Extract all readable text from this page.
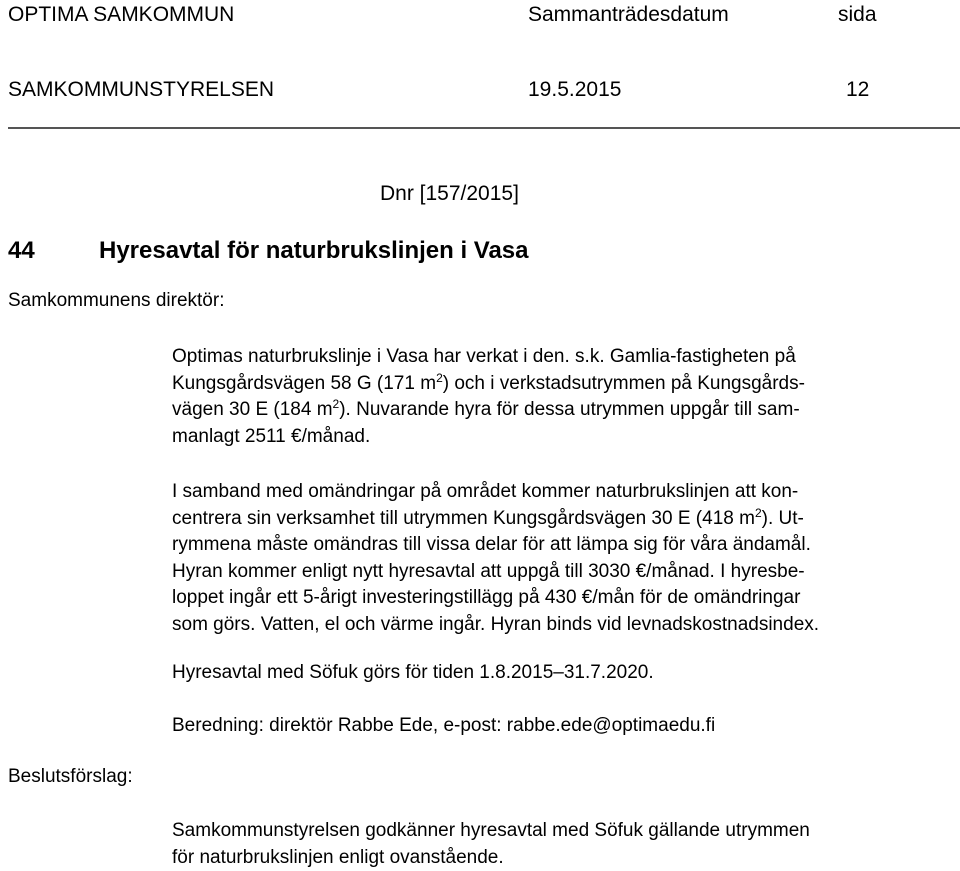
OPTIMA SAMKOMMUN	Sammanträdesdatum	sida
SAMKOMMUNSTYRELSEN	19.5.2015	12
Dnr [157/2015]
44	Hyresavtal för naturbrukslinjen i Vasa
Samkommunens direktör:
Optimas naturbrukslinje i Vasa har verkat i den. s.k. Gamlia-fastigheten på
Kungsgårdsvägen 58 G (171 $m^2$) och i verkstadsutrymmen på Kungsgårds-
vägen 30 E (184 $m^2$). Nuvarande hyra för dessa utrymmen uppgår till sam-
manlagt 2511 €/månad.
I samband med omändringar på området kommer naturbrukslinjen att kon-
centrera sin verksamhet till utrymmen Kungsgårdsvägen 30 E (418 $m^2$). Ut-
rymmena måste omändras till vissa delar för att lämpa sig för våra ändamål.
Hyran kommer enligt nytt hyresavtal att uppgå till 3030 €/månad. I hyresbe-
loppet ingår ett 5-årigt investeringstillägg på 430 €/mån för de omändringar
som görs. Vatten, el och värme ingår. Hyran binds vid levnadskostnadsindex.
Hyresavtal med Söfuk görs för tiden 1.8.2015–31.7.2020.
Beredning: direktör Rabbe Ede, e-post: rabbe.ede@optimaedu.fi
Beslutsförslag:
Samkommunstyrelsen godkänner hyresavtal med Söfuk gällande utrymmen
för naturbrukslinjen enligt ovanstående.
